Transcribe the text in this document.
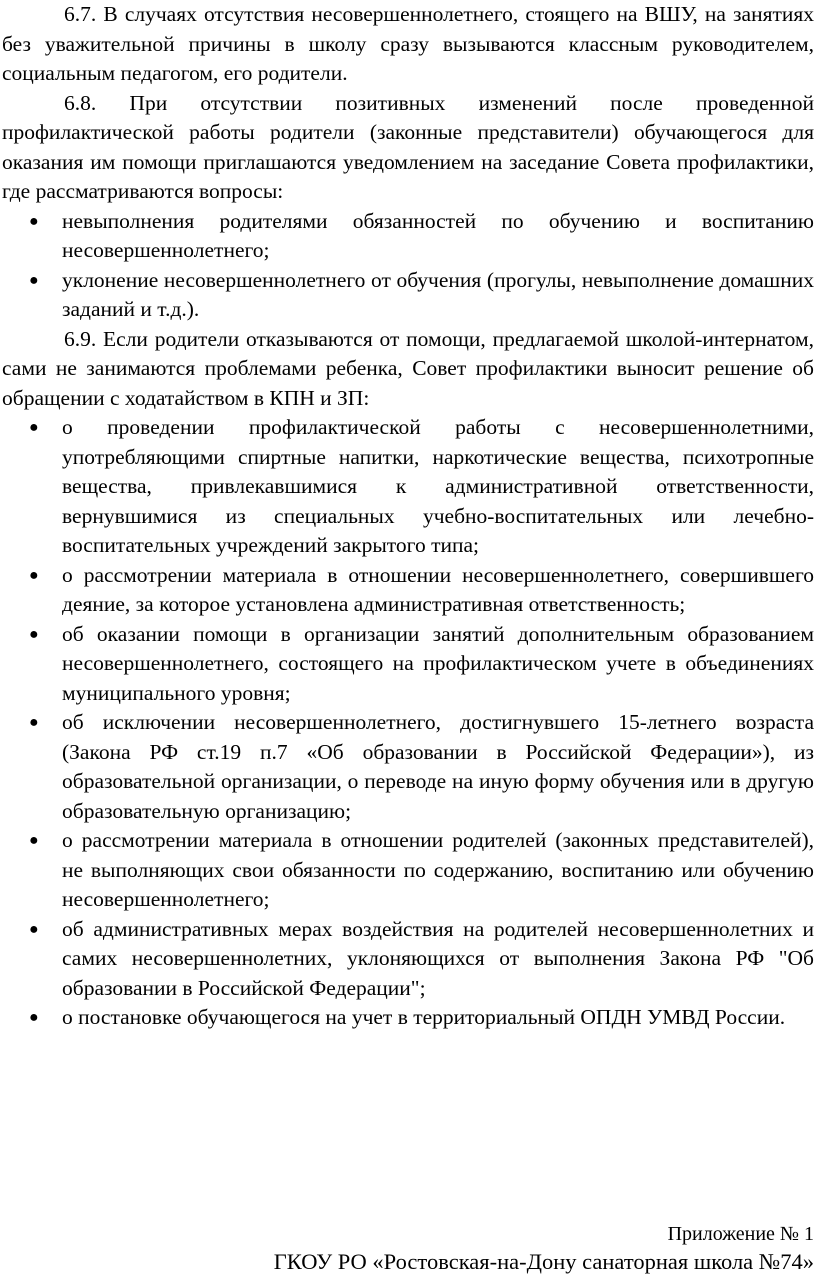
6.7. В случаях отсутствия несовершеннолетнего, стоящего на ВШУ, на занятиях без уважительной причины в школу сразу вызываются классным руководителем, социальным педагогом, его родители.

6.8. При отсутствии позитивных изменений после проведенной профилактической работы родители (законные представители) обучающегося для оказания им помощи приглашаются уведомлением на заседание Совета профилактики, где рассматриваются вопросы:

● невыполнения родителями обязанностей по обучению и воспитанию несовершеннолетнего;
● уклонение несовершеннолетнего от обучения (прогулы, невыполнение домашних заданий и т.д.).

6.9. Если родители отказываются от помощи, предлагаемой школой-интернатом, сами не занимаются проблемами ребенка, Совет профилактики выносит решение об обращении с ходатайством в КПН и ЗП:

● о проведении профилактической работы с несовершеннолетними, употребляющими спиртные напитки, наркотические вещества, психотропные вещества, привлекавшимися к административной ответственности, вернувшимися из специальных учебно-воспитательных или лечебно-воспитательных учреждений закрытого типа;
● о рассмотрении материала в отношении несовершеннолетнего, совершившего деяние, за которое установлена административная ответственность;
● об оказании помощи в организации занятий дополнительным образованием несовершеннолетнего, состоящего на профилактическом учете в объединениях муниципального уровня;
● об исключении несовершеннолетнего, достигнувшего 15-летнего возраста (Закона РФ ст.19 п.7 «Об образовании в Российской Федерации»), из образовательной организации, о переводе на иную форму обучения или в другую образовательную организацию;
● о рассмотрении материала в отношении родителей (законных представителей), не выполняющих свои обязанности по содержанию, воспитанию или обучению несовершеннолетнего;
● об административных мерах воздействия на родителей несовершеннолетних и самих несовершеннолетних, уклоняющихся от выполнения Закона РФ "Об образовании в Российской Федерации";
● о постановке обучающегося на учет в территориальный ОПДН УМВД России.
Приложение № 1
ГКОУ РО «Ростовская-на-Дону санаторная школа №74»
